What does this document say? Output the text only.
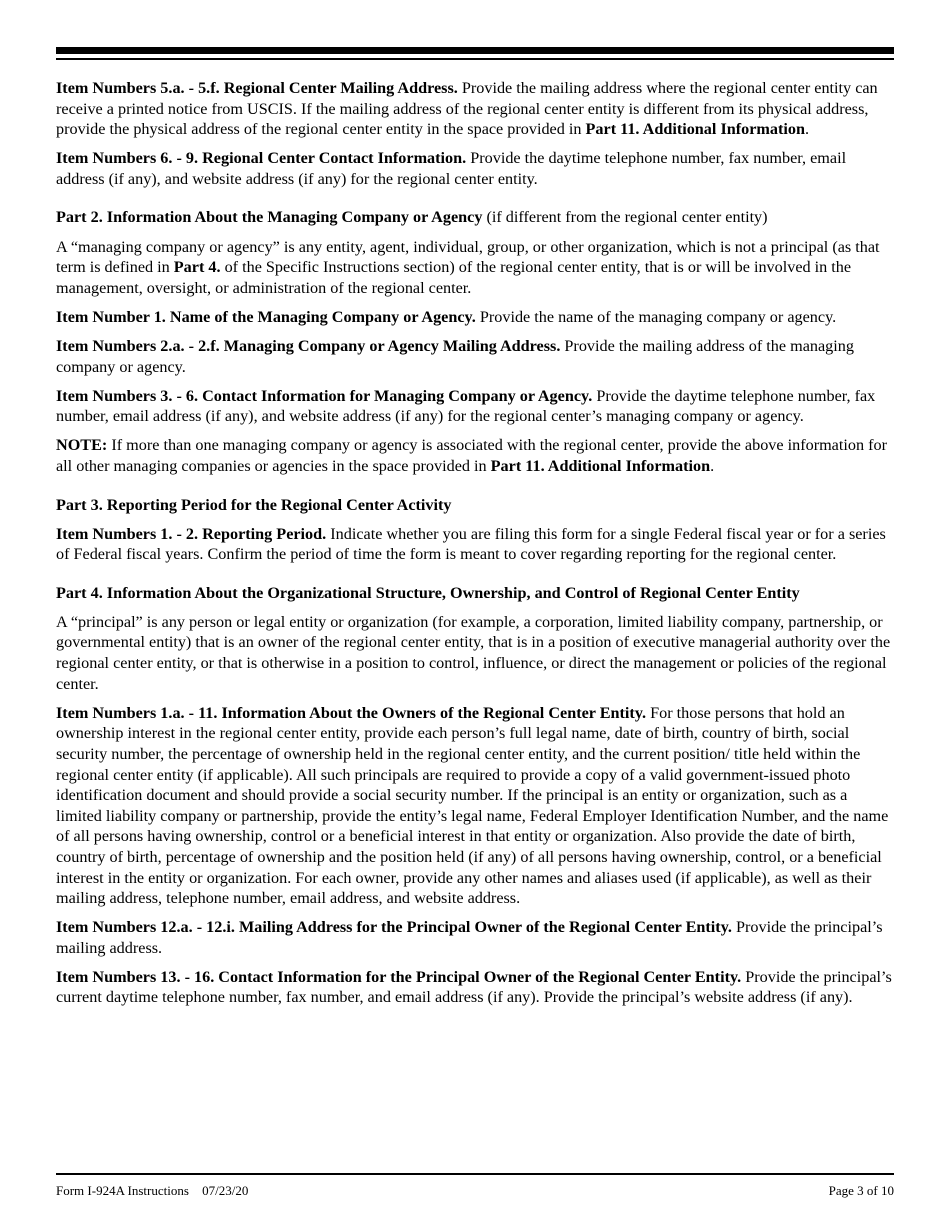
Item Numbers 5.a. - 5.f. Regional Center Mailing Address. Provide the mailing address where the regional center entity can receive a printed notice from USCIS. If the mailing address of the regional center entity is different from its physical address, provide the physical address of the regional center entity in the space provided in Part 11. Additional Information.

Item Numbers 6. - 9. Regional Center Contact Information. Provide the daytime telephone number, fax number, email address (if any), and website address (if any) for the regional center entity.

Part 2. Information About the Managing Company or Agency (if different from the regional center entity)

A “managing company or agency” is any entity, agent, individual, group, or other organization, which is not a principal (as that term is defined in Part 4. of the Specific Instructions section) of the regional center entity, that is or will be involved in the management, oversight, or administration of the regional center.

Item Number 1. Name of the Managing Company or Agency. Provide the name of the managing company or agency.

Item Numbers 2.a. - 2.f. Managing Company or Agency Mailing Address. Provide the mailing address of the managing company or agency.

Item Numbers 3. - 6. Contact Information for Managing Company or Agency. Provide the daytime telephone number, fax number, email address (if any), and website address (if any) for the regional center’s managing company or agency.

NOTE: If more than one managing company or agency is associated with the regional center, provide the above information for all other managing companies or agencies in the space provided in Part 11. Additional Information.

Part 3. Reporting Period for the Regional Center Activity

Item Numbers 1. - 2. Reporting Period. Indicate whether you are filing this form for a single Federal fiscal year or for a series of Federal fiscal years. Confirm the period of time the form is meant to cover regarding reporting for the regional center.

Part 4. Information About the Organizational Structure, Ownership, and Control of Regional Center Entity

A “principal” is any person or legal entity or organization (for example, a corporation, limited liability company, partnership, or governmental entity) that is an owner of the regional center entity, that is in a position of executive managerial authority over the regional center entity, or that is otherwise in a position to control, influence, or direct the management or policies of the regional center.

Item Numbers 1.a. - 11. Information About the Owners of the Regional Center Entity. For those persons that hold an ownership interest in the regional center entity, provide each person’s full legal name, date of birth, country of birth, social security number, the percentage of ownership held in the regional center entity, and the current position/ title held within the regional center entity (if applicable). All such principals are required to provide a copy of a valid government-issued photo identification document and should provide a social security number. If the principal is an entity or organization, such as a limited liability company or partnership, provide the entity’s legal name, Federal Employer Identification Number, and the name of all persons having ownership, control or a beneficial interest in that entity or organization. Also provide the date of birth, country of birth, percentage of ownership and the position held (if any) of all persons having ownership, control, or a beneficial interest in the entity or organization. For each owner, provide any other names and aliases used (if applicable), as well as their mailing address, telephone number, email address, and website address.

Item Numbers 12.a. - 12.i. Mailing Address for the Principal Owner of the Regional Center Entity. Provide the principal’s mailing address.

Item Numbers 13. - 16. Contact Information for the Principal Owner of the Regional Center Entity. Provide the principal’s current daytime telephone number, fax number, and email address (if any). Provide the principal’s website address (if any).

Form I-924A Instructions 07/23/20	Page 3 of 10
